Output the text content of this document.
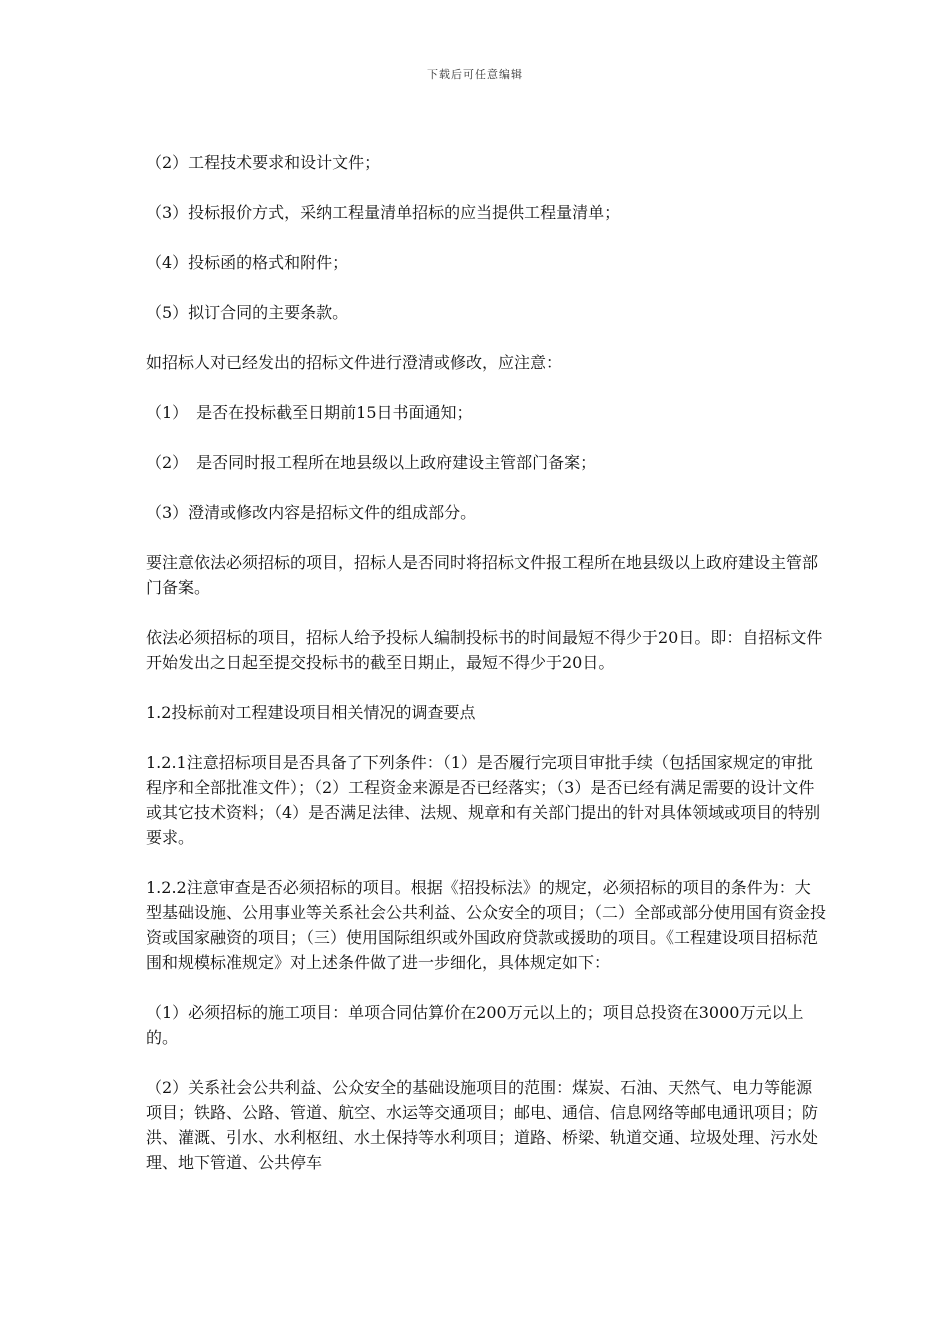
下载后可任意编辑

（2）工程技术要求和设计文件；

（3）投标报价方式，采纳工程量清单招标的应当提供工程量清单；

（4）投标函的格式和附件；

（5）拟订合同的主要条款。

如招标人对已经发出的招标文件进行澄清或修改，应注意：

（1）　是否在投标截至日期前15日书面通知；

（2）　是否同时报工程所在地县级以上政府建设主管部门备案；

（3）澄清或修改内容是招标文件的组成部分。

要注意依法必须招标的项目，招标人是否同时将招标文件报工程所在地县级以上政府建设主管部门备案。

依法必须招标的项目，招标人给予投标人编制投标书的时间最短不得少于20日。即：自招标文件开始发出之日起至提交投标书的截至日期止，最短不得少于20日。

1.2投标前对工程建设项目相关情况的调查要点

1.2.1注意招标项目是否具备了下列条件：（1）是否履行完项目审批手续（包括国家规定的审批程序和全部批准文件）；（2）工程资金来源是否已经落实；（3）是否已经有满足需要的设计文件或其它技术资料；（4）是否满足法律、法规、规章和有关部门提出的针对具体领域或项目的特别要求。

1.2.2注意审查是否必须招标的项目。根据《招投标法》的规定，必须招标的项目的条件为：大型基础设施、公用事业等关系社会公共利益、公众安全的项目；（二）全部或部分使用国有资金投资或国家融资的项目；（三）使用国际组织或外国政府贷款或援助的项目。《工程建设项目招标范围和规模标准规定》对上述条件做了进一步细化，具体规定如下：

（1）必须招标的施工项目：单项合同估算价在200万元以上的；项目总投资在3000万元以上的。

（2）关系社会公共利益、公众安全的基础设施项目的范围：煤炭、石油、天然气、电力等能源项目；铁路、公路、管道、航空、水运等交通项目；邮电、通信、信息网络等邮电通讯项目；防洪、灌溉、引水、水利枢纽、水土保持等水利项目；道路、桥梁、轨道交通、垃圾处理、污水处理、地下管道、公共停车
